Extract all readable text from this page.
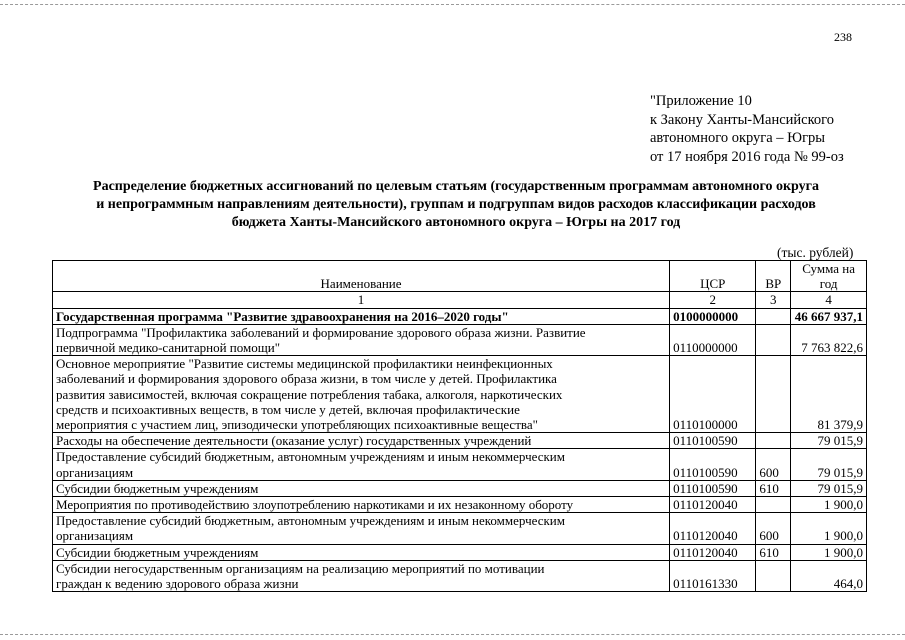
238
"Приложение 10
к Закону Ханты-Мансийского
автономного округа – Югры
от 17 ноября 2016 года № 99-оз
Распределение бюджетных ассигнований по целевым статьям (государственным программам автономного округа
и непрограммным направлениям деятельности), группам и подгруппам видов расходов классификации расходов
бюджета Ханты-Мансийского автономного округа – Югры на 2017 год
(тыс. рублей)
Наименование	ЦСР	ВР	Сумма на год
1	2	3	4

Государственная программа "Развитие здравоохранения на 2016–2020 годы"	0100000000		46 667 937,1

Подпрограмма "Профилактика заболеваний и формирование здорового образа жизни. Развитие
первичной медико-санитарной помощи"	0110000000		7 763 822,6

Основное мероприятие "Развитие системы медицинской профилактики неинфекционных
заболеваний и формирования здорового образа жизни, в том числе у детей. Профилактика
развития зависимостей, включая сокращение потребления табака, алкоголя, наркотических
средств и психоактивных веществ, в том числе у детей, включая профилактические
мероприятия с участием лиц, эпизодически употребляющих психоактивные вещества"	0110100000		81 379,9

Расходы на обеспечение деятельности (оказание услуг) государственных учреждений	0110100590		79 015,9

Предоставление субсидий бюджетным, автономным учреждениям и иным некоммерческим
организациям	0110100590	600	79 015,9

Субсидии бюджетным учреждениям	0110100590	610	79 015,9

Мероприятия по противодействию злоупотреблению наркотиками и их незаконному обороту	0110120040		1 900,0

Предоставление субсидий бюджетным, автономным учреждениям и иным некоммерческим
организациям	0110120040	600	1 900,0

Субсидии бюджетным учреждениям	0110120040	610	1 900,0

Субсидии негосударственным организациям на реализацию мероприятий по мотивации
граждан к ведению здорового образа жизни	0110161330		464,0
